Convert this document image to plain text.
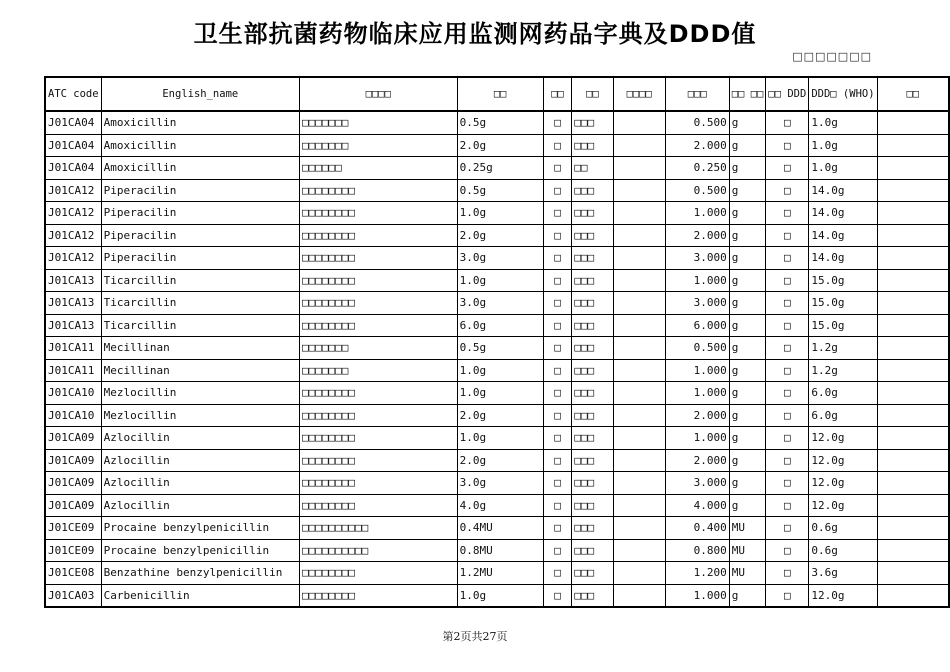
卫生部抗菌药物临床应用监测网药品字典及DDD值
□□□□□□□
ATC code	English_name	□□□□	□□	□□	□□	□□□□	□□□	□□ □□	□□ DDD	DDD□ (WHO)	□□
J01CA04	Amoxicillin	□□□□□□□	0.5g	□	□□□		0.500	g	□	1.0g	
J01CA04	Amoxicillin	□□□□□□□	2.0g	□	□□□		2.000	g	□	1.0g	
J01CA04	Amoxicillin	□□□□□□	0.25g	□	□□		0.250	g	□	1.0g	
J01CA12	Piperacilin	□□□□□□□□	0.5g	□	□□□		0.500	g	□	14.0g	
J01CA12	Piperacilin	□□□□□□□□	1.0g	□	□□□		1.000	g	□	14.0g	
J01CA12	Piperacilin	□□□□□□□□	2.0g	□	□□□		2.000	g	□	14.0g	
J01CA12	Piperacilin	□□□□□□□□	3.0g	□	□□□		3.000	g	□	14.0g	
J01CA13	Ticarcillin	□□□□□□□□	1.0g	□	□□□		1.000	g	□	15.0g	
J01CA13	Ticarcillin	□□□□□□□□	3.0g	□	□□□		3.000	g	□	15.0g	
J01CA13	Ticarcillin	□□□□□□□□	6.0g	□	□□□		6.000	g	□	15.0g	
J01CA11	Mecillinan	□□□□□□□	0.5g	□	□□□		0.500	g	□	1.2g	
J01CA11	Mecillinan	□□□□□□□	1.0g	□	□□□		1.000	g	□	1.2g	
J01CA10	Mezlocillin	□□□□□□□□	1.0g	□	□□□		1.000	g	□	6.0g	
J01CA10	Mezlocillin	□□□□□□□□	2.0g	□	□□□		2.000	g	□	6.0g	
J01CA09	Azlocillin	□□□□□□□□	1.0g	□	□□□		1.000	g	□	12.0g	
J01CA09	Azlocillin	□□□□□□□□	2.0g	□	□□□		2.000	g	□	12.0g	
J01CA09	Azlocillin	□□□□□□□□	3.0g	□	□□□		3.000	g	□	12.0g	
J01CA09	Azlocillin	□□□□□□□□	4.0g	□	□□□		4.000	g	□	12.0g	
J01CE09	Procaine benzylpenicillin	□□□□□□□□□□	0.4MU	□	□□□		0.400	MU	□	0.6g	
J01CE09	Procaine benzylpenicillin	□□□□□□□□□□	0.8MU	□	□□□		0.800	MU	□	0.6g	
J01CE08	Benzathine benzylpenicillin	□□□□□□□□	1.2MU	□	□□□		1.200	MU	□	3.6g	
J01CA03	Carbenicillin	□□□□□□□□	1.0g	□	□□□		1.000	g	□	12.0g	
第2页共27页
